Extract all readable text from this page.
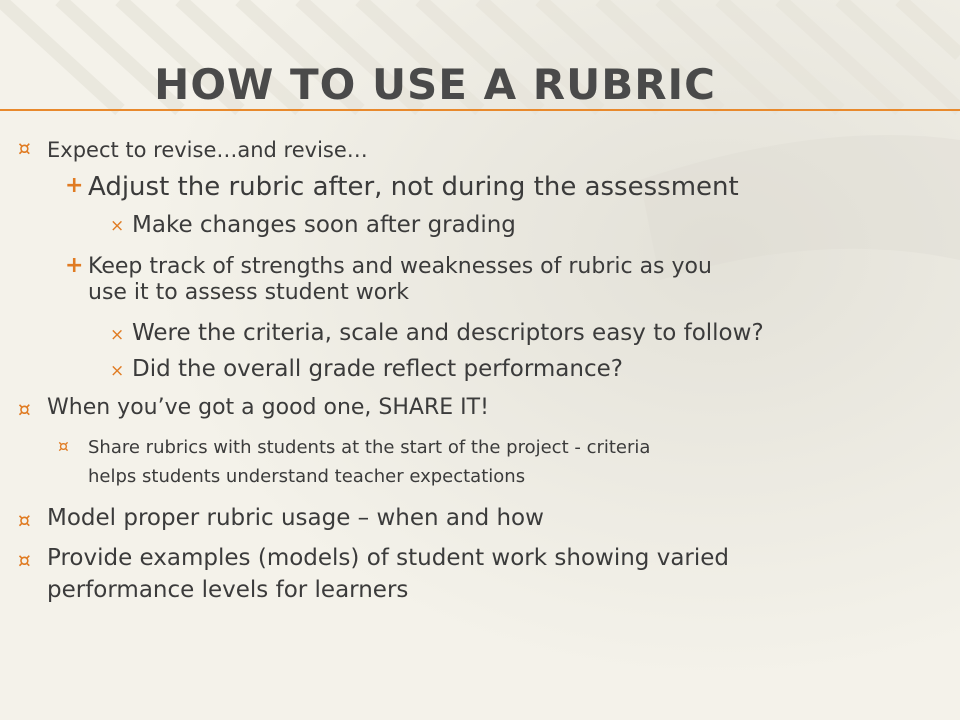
HOW TO USE A RUBRIC
¤ Expect to revise…and revise…
+ Adjust the rubric after, not during the assessment
× Make changes soon after grading
+ Keep track of strengths and weaknesses of rubric as you
use it to assess student work
× Were the criteria, scale and descriptors easy to follow?
× Did the overall grade reflect performance?
¤ When you’ve got a good one, SHARE IT!
¤ Share rubrics with students at the start of the project - criteria
helps students understand teacher expectations
¤ Model proper rubric usage – when and how
¤ Provide examples (models) of student work showing varied
performance levels for learners
